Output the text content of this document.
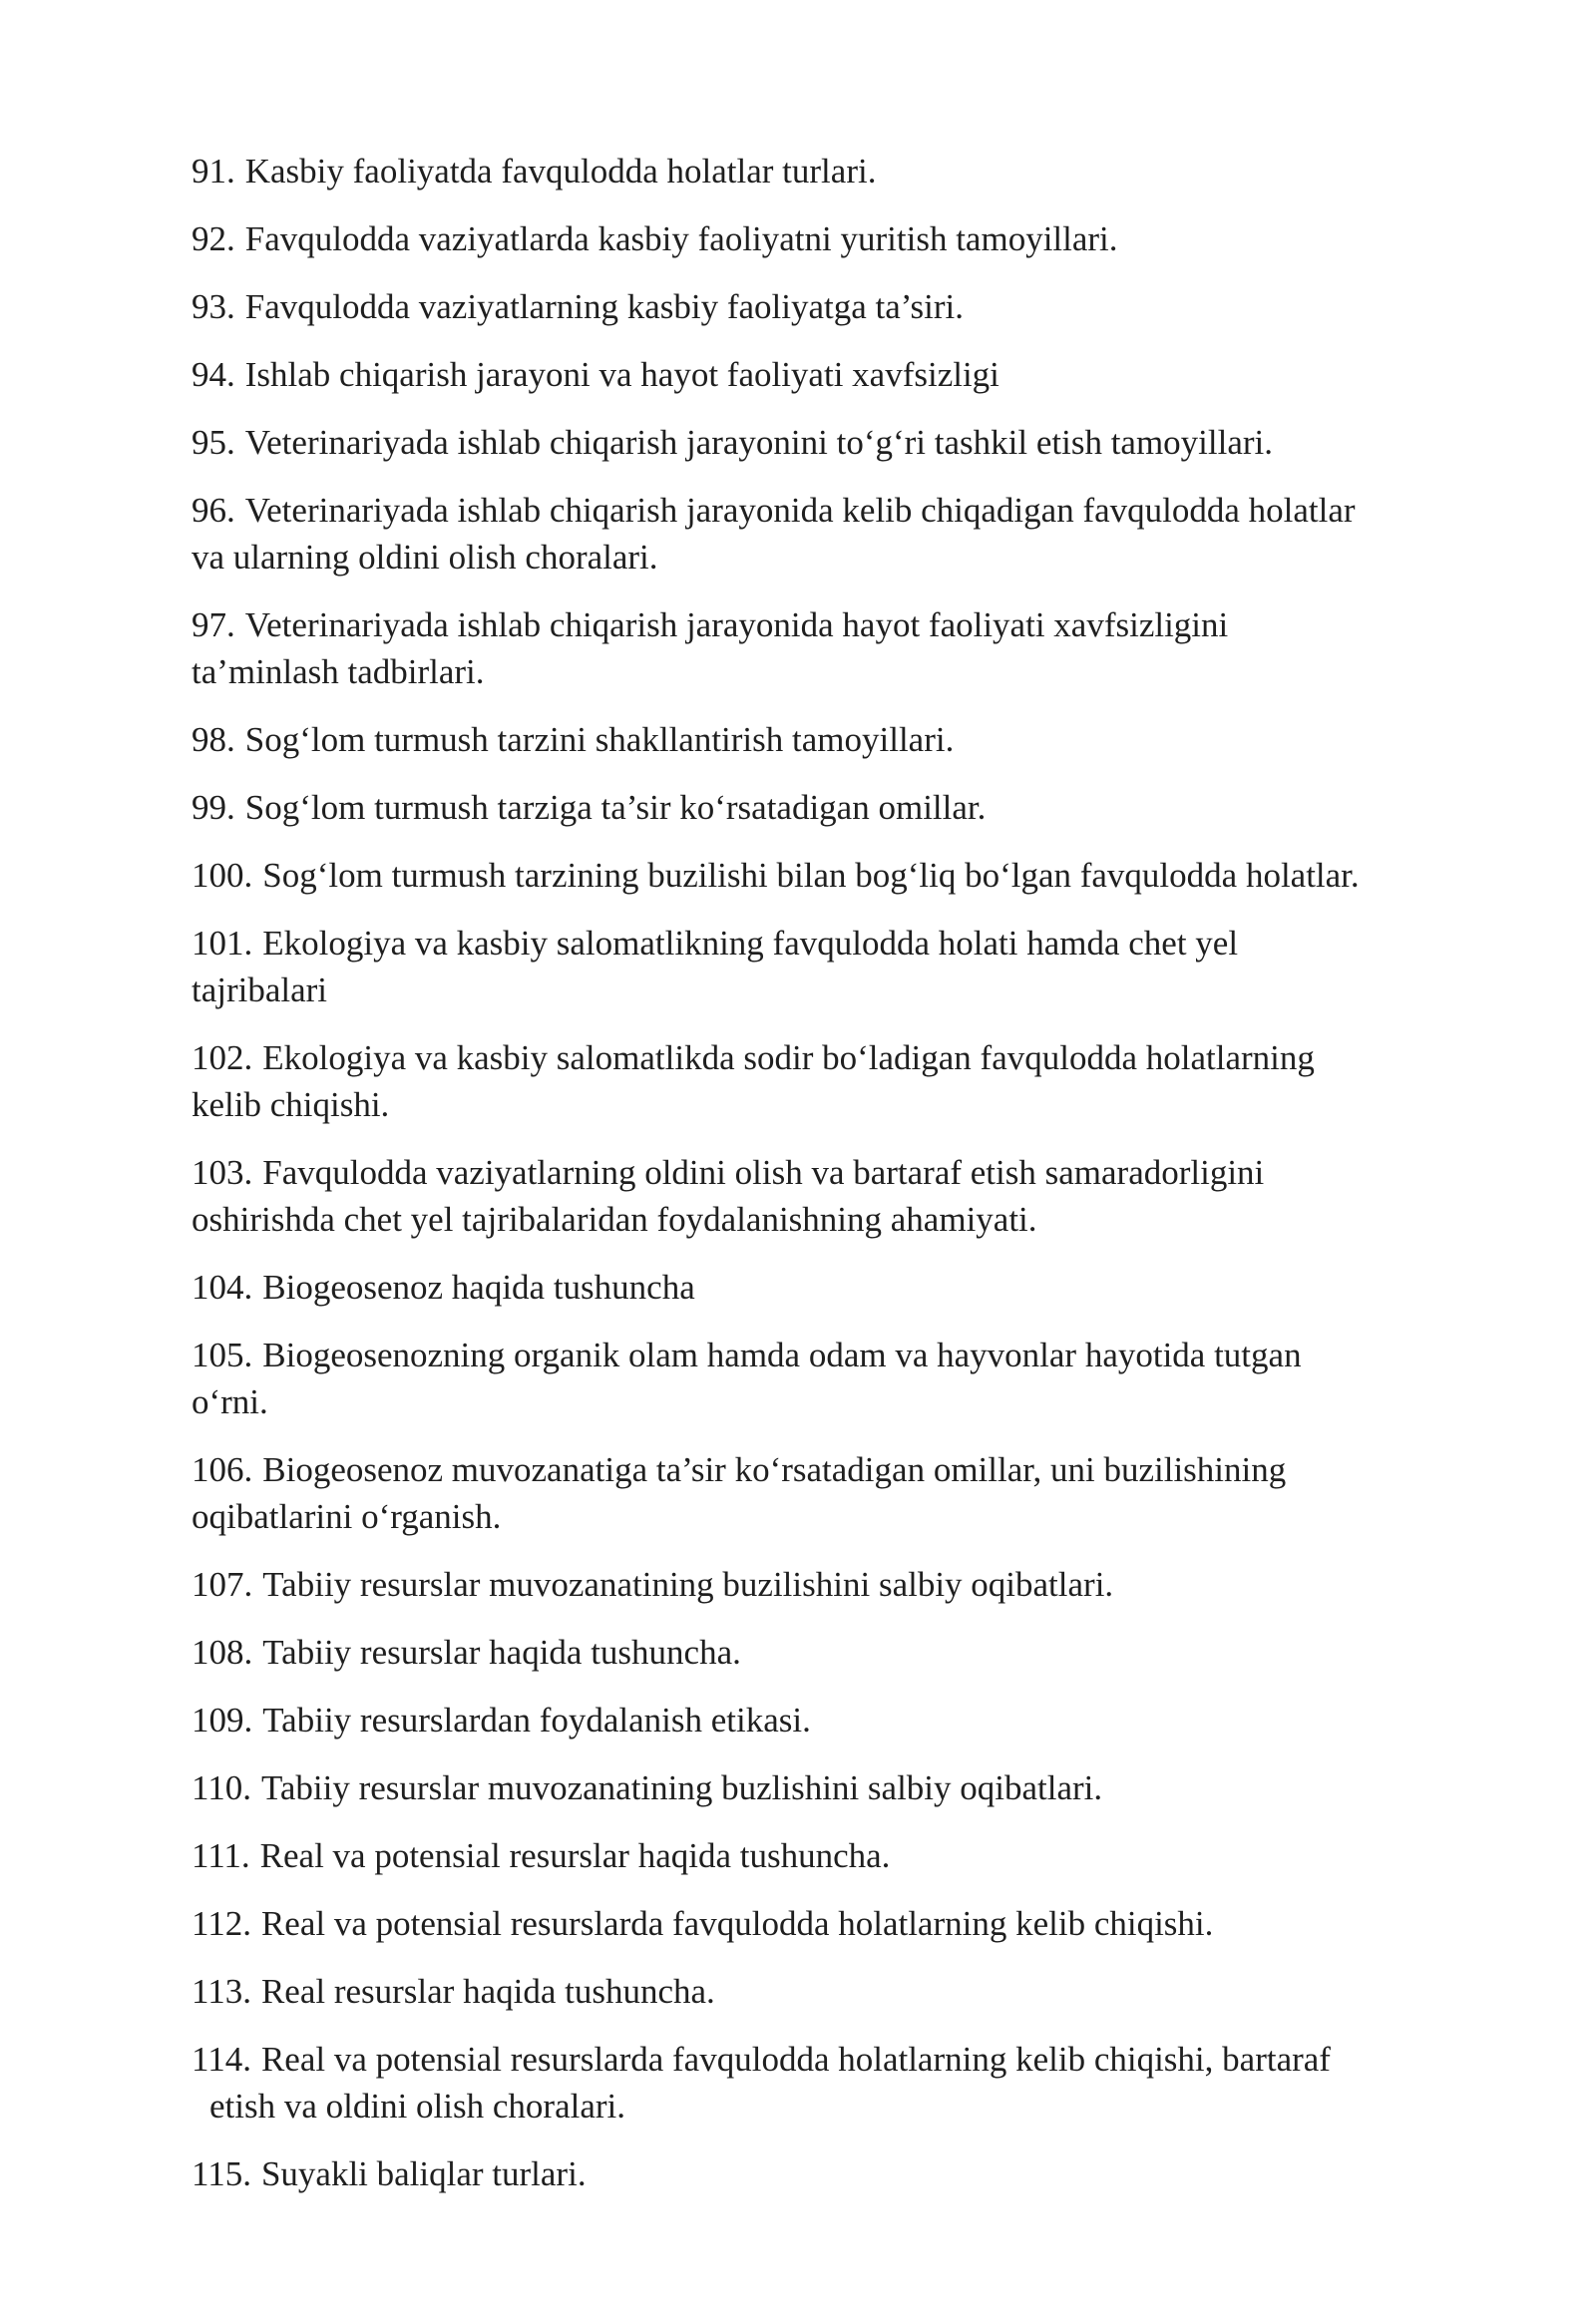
91. Kasbiy faoliyatda favqulodda holatlar turlari.
92. Favqulodda vaziyatlarda kasbiy faoliyatni yuritish tamoyillari.
93. Favqulodda vaziyatlarning kasbiy faoliyatga ta’siri.
94. Ishlab chiqarish jarayoni va hayot faoliyati xavfsizligi
95. Veterinariyada ishlab chiqarish jarayonini to‘g‘ri tashkil etish tamoyillari.
96. Veterinariyada ishlab chiqarish jarayonida kelib chiqadigan favqulodda holatlar
va ularning oldini olish choralari.
97. Veterinariyada ishlab chiqarish jarayonida hayot faoliyati xavfsizligini
ta’minlash tadbirlari.
98. Sog‘lom turmush tarzini shakllantirish tamoyillari.
99. Sog‘lom turmush tarziga ta’sir ko‘rsatadigan omillar.
100. Sog‘lom turmush tarzining buzilishi bilan bog‘liq bo‘lgan favqulodda holatlar.
101. Ekologiya va kasbiy salomatlikning favqulodda holati hamda chet yel
tajribalari
102. Ekologiya va kasbiy salomatlikda sodir bo‘ladigan favqulodda holatlarning
kelib chiqishi.
103. Favqulodda vaziyatlarning oldini olish va bartaraf etish samaradorligini
oshirishda chet yel tajribalaridan foydalanishning ahamiyati.
104. Biogeosenoz haqida tushuncha
105. Biogeosenozning organik olam hamda odam va hayvonlar hayotida tutgan
o‘rni.
106. Biogeosenoz muvozanatiga ta’sir ko‘rsatadigan omillar, uni buzilishining
oqibatlarini o‘rganish.
107. Tabiiy resurslar muvozanatining buzilishini salbiy oqibatlari.
108. Tabiiy resurslar haqida tushuncha.
109. Tabiiy resurslardan foydalanish etikasi.
110. Tabiiy resurslar muvozanatining buzlishini salbiy oqibatlari.
111. Real va potensial resurslar haqida tushuncha.
112. Real va potensial resurslarda favqulodda holatlarning kelib chiqishi.
113. Real resurslar haqida tushuncha.
114. Real va potensial resurslarda favqulodda holatlarning kelib chiqishi, bartaraf
etish va oldini olish choralari.
115. Suyakli baliqlar turlari.
